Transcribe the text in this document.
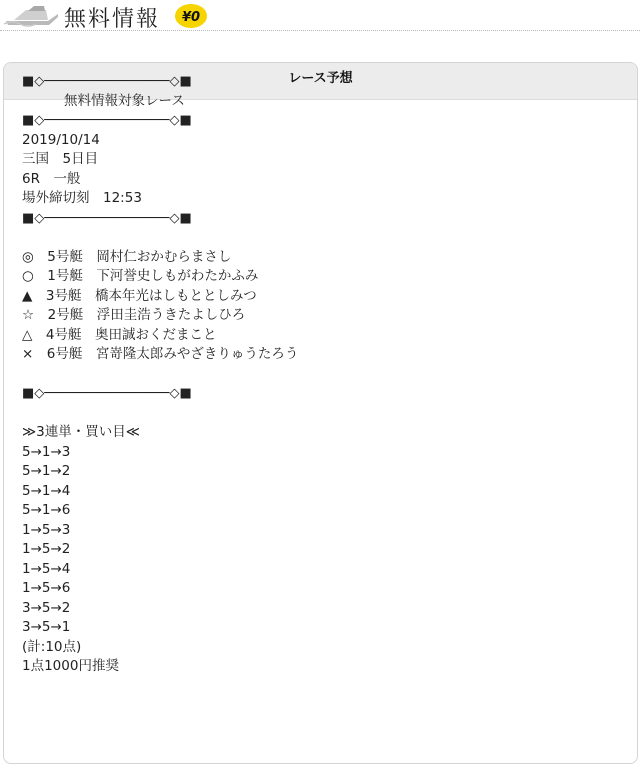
無料情報 ¥0
レース予想
■◇────────────────◇■
無料情報対象レース
■◇────────────────◇■
2019/10/14
三国　5日目
6R　一般
場外締切刻　12:53
■◇────────────────◇■
◎　5号艇　岡村仁おかむらまさし
○　1号艇　下河誉史しもがわたかふみ
▲　3号艇　橋本年光はしもととしみつ
☆　2号艇　浮田圭浩うきたよしひろ
△　4号艇　奥田誠おくだまこと
×　6号艇　宮嵜隆太郎みやざきりゅうたろう
■◇────────────────◇■
≫3連単・買い目≪
5→1→3
5→1→2
5→1→4
5→1→6
1→5→3
1→5→2
1→5→4
1→5→6
3→5→2
3→5→1
(計:10点)
1点1000円推奨
